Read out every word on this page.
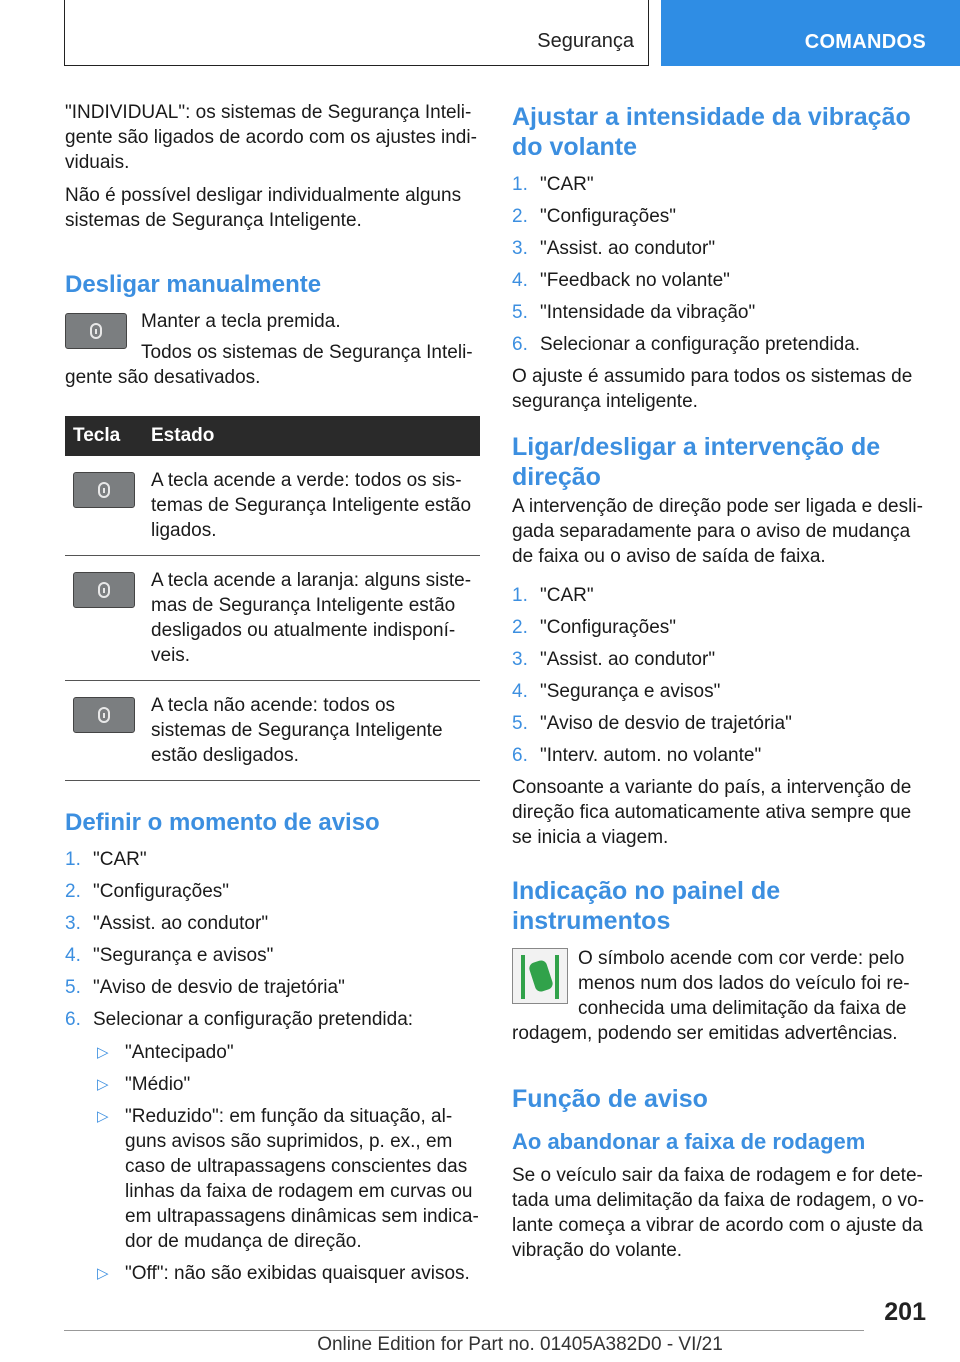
Segurança	COMANDOS

"INDIVIDUAL": os sistemas de Segurança Inteligente são ligados de acordo com os ajustes individuais.

Não é possível desligar individualmente alguns sistemas de Segurança Inteligente.

Desligar manualmente

Manter a tecla premida.

Todos os sistemas de Segurança Inteligente são desativados.

Tecla	Estado

	A tecla acende a verde: todos os sistemas de Segurança Inteligente estão ligados.

	A tecla acende a laranja: alguns sistemas de Segurança Inteligente estão desligados ou atualmente indisponíveis.

	A tecla não acende: todos os sistemas de Segurança Inteligente estão desligados.
Definir o momento de aviso
1. "CAR"
2. "Configurações"
3. "Assist. ao condutor"
4. "Segurança e avisos"
5. "Aviso de desvio de trajetória"
6. Selecionar a configuração pretendida:
▷ "Antecipado"
▷ "Médio"
▷ "Reduzido": em função da situação, alguns avisos são suprimidos, p. ex., em caso de ultrapassagens conscientes das linhas da faixa de rodagem em curvas ou em ultrapassagens dinâmicas sem indicador de mudança de direção.
▷ "Off": não são exibidas quaisquer avisos.
Ajustar a intensidade da vibração do volante
1. "CAR"
2. "Configurações"
3. "Assist. ao condutor"
4. "Feedback no volante"
5. "Intensidade da vibração"
6. Selecionar a configuração pretendida.

O ajuste é assumido para todos os sistemas de segurança inteligente.

Ligar/desligar a intervenção de direção

A intervenção de direção pode ser ligada e desligada separadamente para o aviso de mudança de faixa ou o aviso de saída de faixa.

1. "CAR"
2. "Configurações"
3. "Assist. ao condutor"
4. "Segurança e avisos"
5. "Aviso de desvio de trajetória"
6. "Interv. autom. no volante"

Consoante a variante do país, a intervenção de direção fica automaticamente ativa sempre que se inicia a viagem.

Indicação no painel de instrumentos

O símbolo acende com cor verde: pelo menos num dos lados do veículo foi reconhecida uma delimitação da faixa de rodagem, podendo ser emitidas advertências.

Função de aviso
Ao abandonar a faixa de rodagem

Se o veículo sair da faixa de rodagem e for detetada uma delimitação da faixa de rodagem, o volante começa a vibrar de acordo com o ajuste da vibração do volante.

201
Online Edition for Part no. 01405A382D0 - VI/21
